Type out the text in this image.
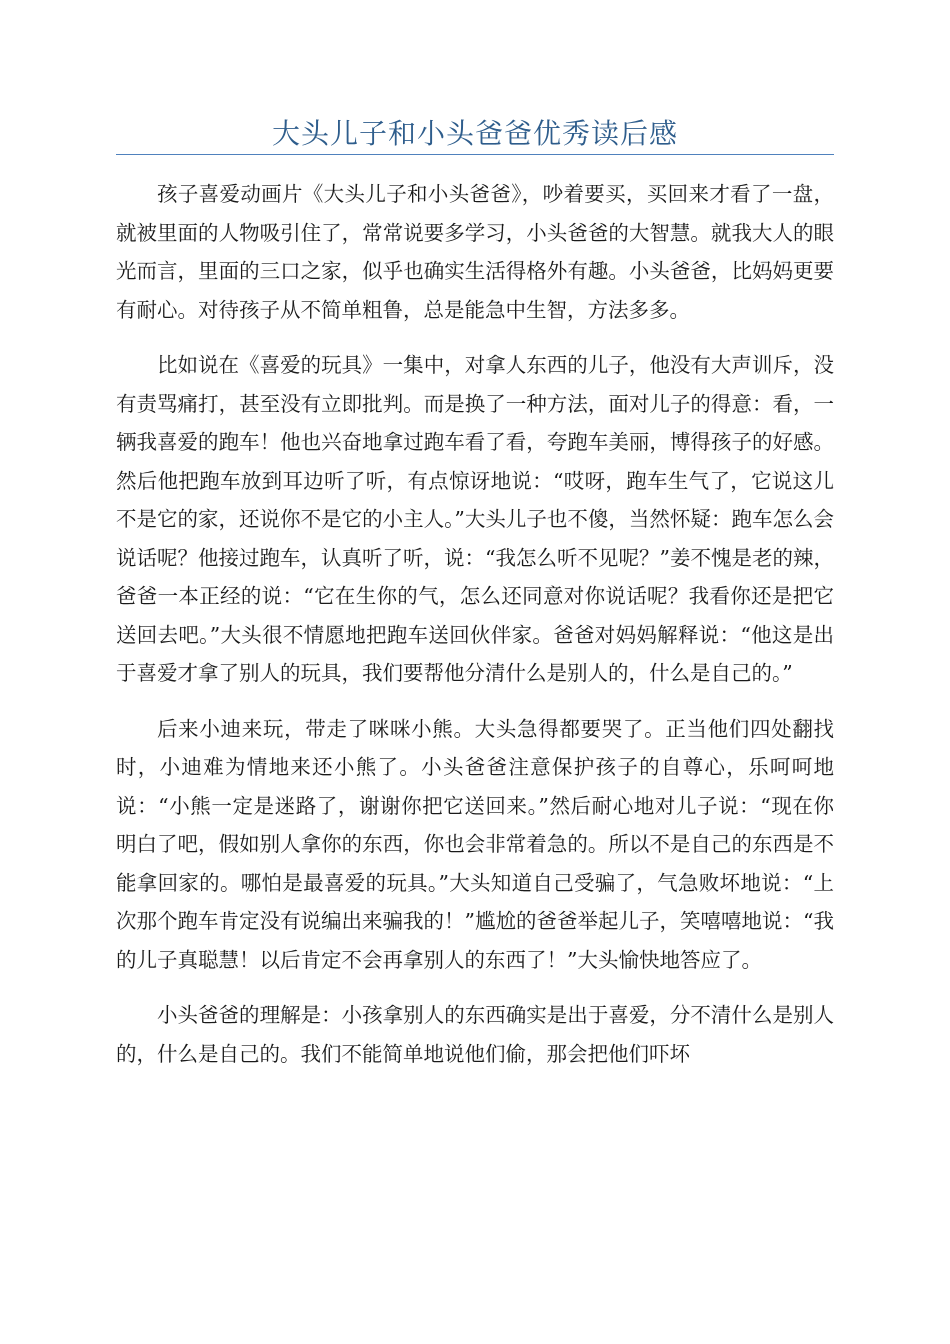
大头儿子和小头爸爸优秀读后感

孩子喜爱动画片《大头儿子和小头爸爸》，吵着要买，买回来才看了一盘，就被里面的人物吸引住了，常常说要多学习，小头爸爸的大智慧。就我大人的眼光而言，里面的三口之家，似乎也确实生活得格外有趣。小头爸爸，比妈妈更要有耐心。对待孩子从不简单粗鲁，总是能急中生智，方法多多。

比如说在《喜爱的玩具》一集中，对拿人东西的儿子，他没有大声训斥，没有责骂痛打，甚至没有立即批判。而是换了一种方法，面对儿子的得意：看，一辆我喜爱的跑车！他也兴奋地拿过跑车看了看，夸跑车美丽，博得孩子的好感。然后他把跑车放到耳边听了听，有点惊讶地说：“哎呀，跑车生气了，它说这儿不是它的家，还说你不是它的小主人。”大头儿子也不傻，当然怀疑：跑车怎么会说话呢？他接过跑车，认真听了听，说：“我怎么听不见呢？”姜不愧是老的辣，爸爸一本正经的说：“它在生你的气，怎么还同意对你说话呢？我看你还是把它送回去吧。”大头很不情愿地把跑车送回伙伴家。爸爸对妈妈解释说：“他这是出于喜爱才拿了别人的玩具，我们要帮他分清什么是别人的，什么是自己的。”

后来小迪来玩，带走了咪咪小熊。大头急得都要哭了。正当他们四处翻找时，小迪难为情地来还小熊了。小头爸爸注意保护孩子的自尊心，乐呵呵地说：“小熊一定是迷路了，谢谢你把它送回来。”然后耐心地对儿子说：“现在你明白了吧，假如别人拿你的东西，你也会非常着急的。所以不是自己的东西是不能拿回家的。哪怕是最喜爱的玩具。”大头知道自己受骗了，气急败坏地说：“上次那个跑车肯定没有说编出来骗我的！”尴尬的爸爸举起儿子，笑嘻嘻地说：“我的儿子真聪慧！以后肯定不会再拿别人的东西了！”大头愉快地答应了。

小头爸爸的理解是：小孩拿别人的东西确实是出于喜爱，分不清什么是别人的，什么是自己的。我们不能简单地说他们偷，那会把他们吓坏
